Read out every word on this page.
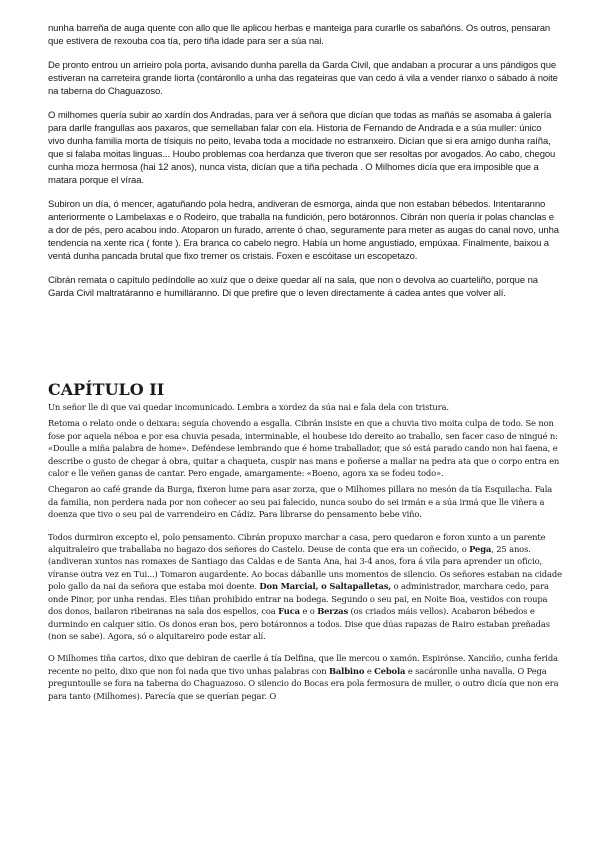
nunha barreña de auga quente con allo que lle aplicou herbas e manteiga para curarlle os sabañóns. Os outros, pensaran que estivera de rexouba coa tía, pero tiña idade para ser a súa nai.

De pronto entrou un arrieiro pola porta, avisando dunha parella da Garda Civil, que andaban a procurar a uns pándigos que estiveran na carreteira grande liorta (contáronllo a unha das regateiras que van cedo á vila a vender rianxo o sábado á noite na taberna do Chaguazoso.

O milhomes quería subir ao xardín dos Andradas, para ver á señora que dicían que todas as mañás se asomaba á galería para darlle frangullas aos paxaros, que semellaban falar con ela. Historia de Fernando de Andrada e a súa muller: único vivo dunha familia morta de tísiquis no peito, levaba toda a mocidade no estranxeiro. Dicían que si era amigo dunha raíña, que si falaba moitas linguas... Houbo problemas coa herdanza que tiveron que ser resoltas por avogados. Ao cabo, chegou cunha moza hermosa (hai 12 anos), nunca vista, dicían que a tiña pechada . O Milhomes dicía que era imposible que a matara porque el víraa.

Subiron un día, ó mencer, agatuñando pola hedra, andiveran de esmorga, ainda que non estaban bébedos. Intentaranno anteriormente o Lambelaxas e o Rodeiro, que traballa na fundición, pero botáronnos. Cibrán non quería ir polas chanclas e a dor de pés, pero acabou indo. Atoparon un furado, arrente ó chao, seguramente para meter as augas do canal novo, unha tendencia na xente rica ( fonte ). Era branca co cabelo negro. Había un home angustiado, empúxaa. Finalmente, baixou a ventá dunha pancada brutal que fixo tremer os cristais. Foxen e escóitase un escopetazo.

Cibrán remata o capítulo pedíndolle ao xuíz que o deixe quedar alí na sala, que non o devolva ao cuarteliño, porque na Garda Civil maltratáranno e humilláranno. Di que prefire que o leven directamente á cadea antes que volver alí.

CAPÍTULO II

Un señor lle di que vai quedar incomunicado. Lembra a xordez da súa nai e fala dela con tristura.

Retoma o relato onde o deixara: seguía chovendo a esgalla. Cibrán insiste en que a chuvia tivo moita culpa de todo. Se non fose por aquela néboa e por esa chuvia pesada, interminable, el houbese ido dereito ao traballo, sen facer caso de ningué n: «Doulle a miña palabra de home». Deféndese lembrando que é home traballador, que só está parado cando non hai faena, e describe o gusto de chegar á obra, quitar a chaqueta, cuspir nas mans e poñerse a mallar na pedra ata que o corpo entra en calor e lle veñen ganas de cantar. Pero engade, amargamente: «Boeno, agora xa se fodeu todo».

Chegaron ao café grande da Burga, fixeron lume para asar zorza, que o Milhomes pillara no mesón da tía Esquilacha. Fala da familia, non perdera nada por non coñecer ao seu pai falecido, nunca soubo do sei irmán e a súa irmá que lle viñera a doenza que tivo o seu pai de varrendeiro en Cádiz. Para librarse do pensamento bebe viño.

Todos durmiron excepto el, polo pensamento. Cibrán propuxo marchar a casa, pero quedaron e foron xunto a un parente alquitraleiro que traballaba no bagazo dos señores do Castelo. Deuse de conta que era un coñecido, o Pega, 25 anos. (andiveran xuntos nas romaxes de Santiago das Caldas e de Santa Ana, hai 3-4 anos, fora á vila para aprender un oficio, víranse outra vez en Tui...) Tomaron augardente. Ao bocas dábanlle uns momentos de silencio. Os señores estaban na cidade polo gallo da nai da señora que estaba moi doente. Don Marcial, o Saltapalletas, o administrador, marchara cedo, para onde Pinor, por unha rendas. Eles tiñan prohibido entrar na bodega. Segundo o seu pai, en Noite Boa, vestidos con roupa dos donos, bailaron ribeiranas na sala dos espellos, coa Fuca e o Berzas (os criados máis vellos). Acabaron bébedos e durmindo en calquer sitio. Os donos eran bos, pero botáronnos a todos. Dise que dúas rapazas de Rairo estaban preñadas (non se sabe). Agora, só o alquitareiro pode estar alí.

O Milhomes tiña cartos, dixo que debiran de caerlle á tía Delfina, que lle mercou o xamón. Espirónse. Xanciño, cunha ferida recente no peito, dixo que non foi nada que tivo unhas palabras con Balbino e Cebola e sacáronlle unha navalla. O Pega preguntoulle se fora na taberna do Chaguazoso. O silencio do Bocas era pola fermosura de muller, o outro dicía que non era para tanto (Milhomes). Parecía que se querían pegar. O
